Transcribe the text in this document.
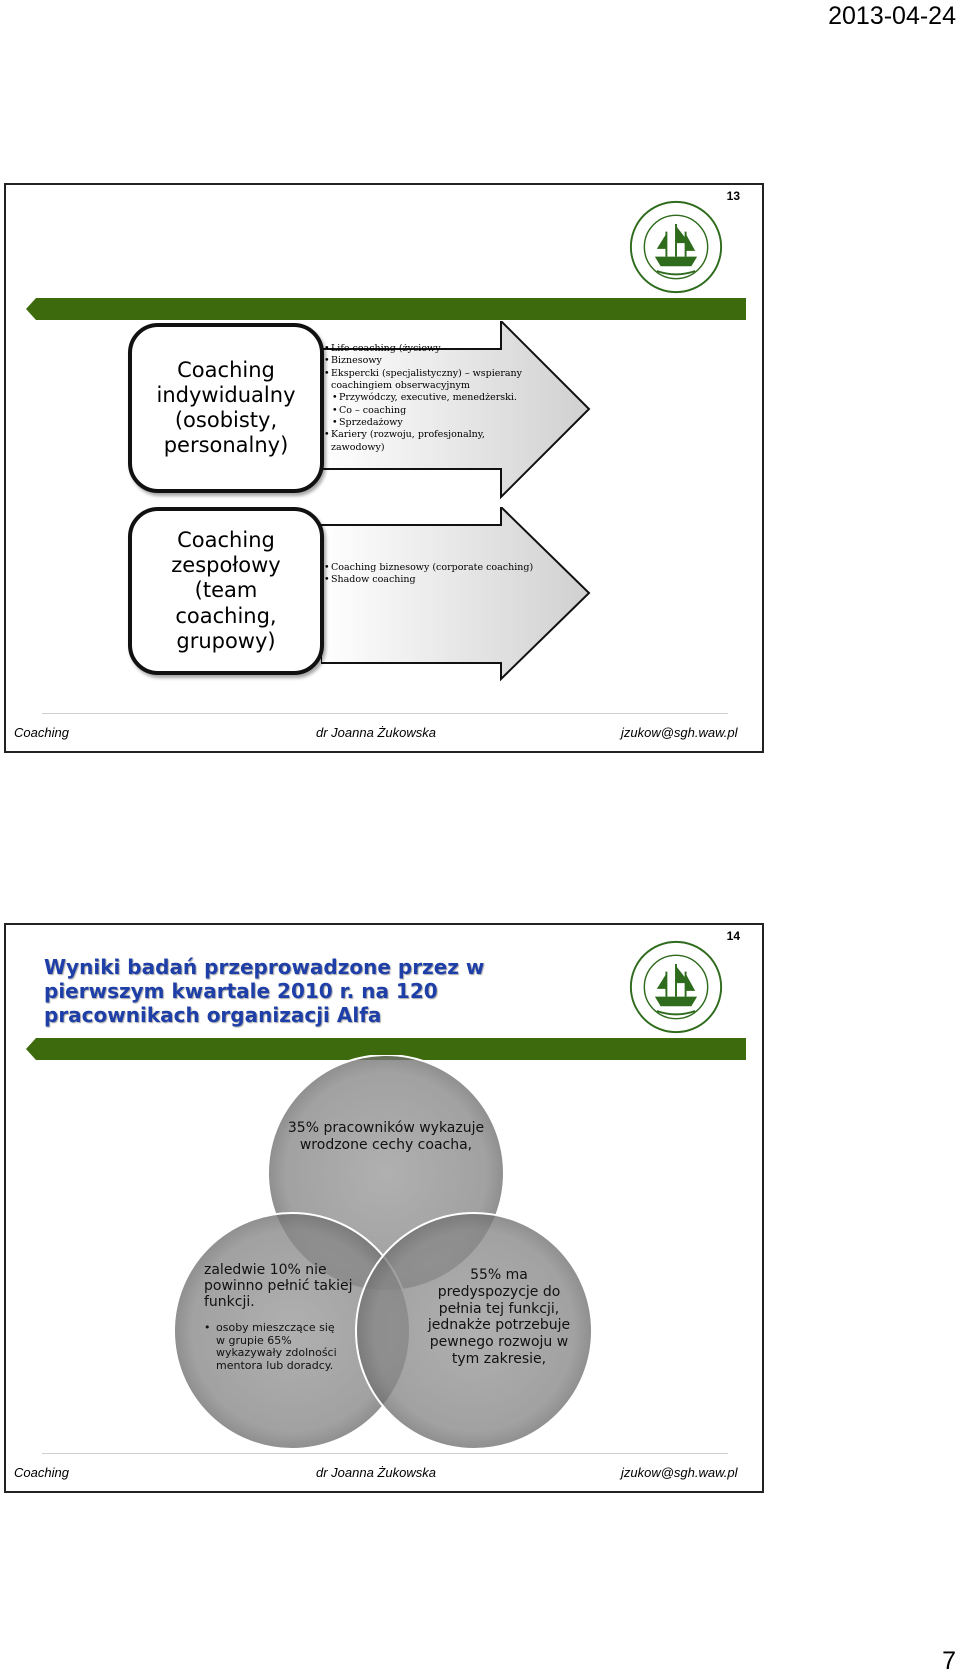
2013-04-24
13
Coaching
indywidualny
(osobisty,
personalny)
Coaching
zespołowy
(team
coaching,
grupowy)
• Life coaching (życiowy
• Biznesowy
• Ekspercki (specjalistyczny) – wspierany coachingiem obserwacyjnym
• Przywódczy, executive, menedżerski.
• Co – coaching
• Sprzedażowy
• Kariery (rozwoju, profesjonalny, zawodowy)
• Coaching biznesowy (corporate coaching)
• Shadow coaching
Coaching	dr Joanna Żukowska	jzukow@sgh.waw.pl
14
Wyniki badań przeprowadzone przez w pierwszym kwartale 2010 r. na 120 pracownikach organizacji Alfa
35% pracowników wykazuje wrodzone cechy coacha,
zaledwie 10% nie powinno pełnić takiej funkcji.
• osoby mieszczące się w grupie 65% wykazywały zdolności mentora lub doradcy.
55% ma predyspozycje do pełnia tej funkcji, jednakże potrzebuje pewnego rozwoju w tym zakresie,
Coaching	dr Joanna Żukowska	jzukow@sgh.waw.pl
7
